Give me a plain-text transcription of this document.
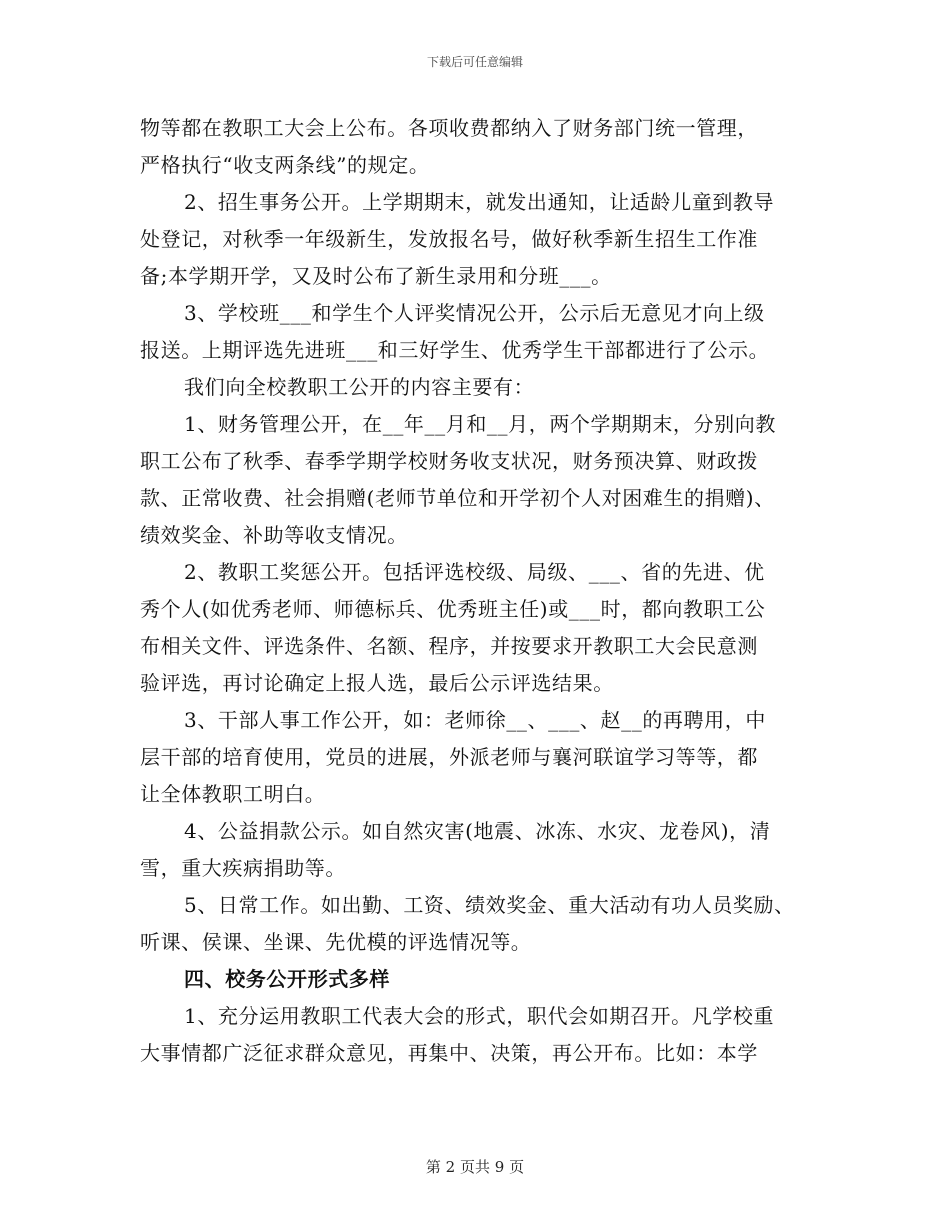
下载后可任意编辑
物等都在教职工大会上公布。各项收费都纳入了财务部门统一管理，
严格执行“收支两条线”的规定。
2、招生事务公开。上学期期末，就发出通知，让适龄儿童到教导
处登记，对秋季一年级新生，发放报名号，做好秋季新生招生工作准
备;本学期开学，又及时公布了新生录用和分班___。
3、学校班___和学生个人评奖情况公开，公示后无意见才向上级
报送。上期评选先进班___和三好学生、优秀学生干部都进行了公示。
我们向全校教职工公开的内容主要有：
1、财务管理公开，在__年__月和__月，两个学期期末，分别向教
职工公布了秋季、春季学期学校财务收支状况，财务预决算、财政拨
款、正常收费、社会捐赠(老师节单位和开学初个人对困难生的捐赠)、
绩效奖金、补助等收支情况。
2、教职工奖惩公开。包括评选校级、局级、___、省的先进、优
秀个人(如优秀老师、师德标兵、优秀班主任)或___时，都向教职工公
布相关文件、评选条件、名额、程序，并按要求开教职工大会民意测
验评选，再讨论确定上报人选，最后公示评选结果。
3、干部人事工作公开，如：老师徐__、___、赵__的再聘用，中
层干部的培育使用，党员的进展，外派老师与襄河联谊学习等等，都
让全体教职工明白。
4、公益捐款公示。如自然灾害(地震、冰冻、水灾、龙卷风)，清
雪，重大疾病捐助等。
5、日常工作。如出勤、工资、绩效奖金、重大活动有功人员奖励、
听课、侯课、坐课、先优模的评选情况等。
四、校务公开形式多样
1、充分运用教职工代表大会的形式，职代会如期召开。凡学校重
大事情都广泛征求群众意见，再集中、决策，再公开布。比如：本学
第 2 页共 9 页
